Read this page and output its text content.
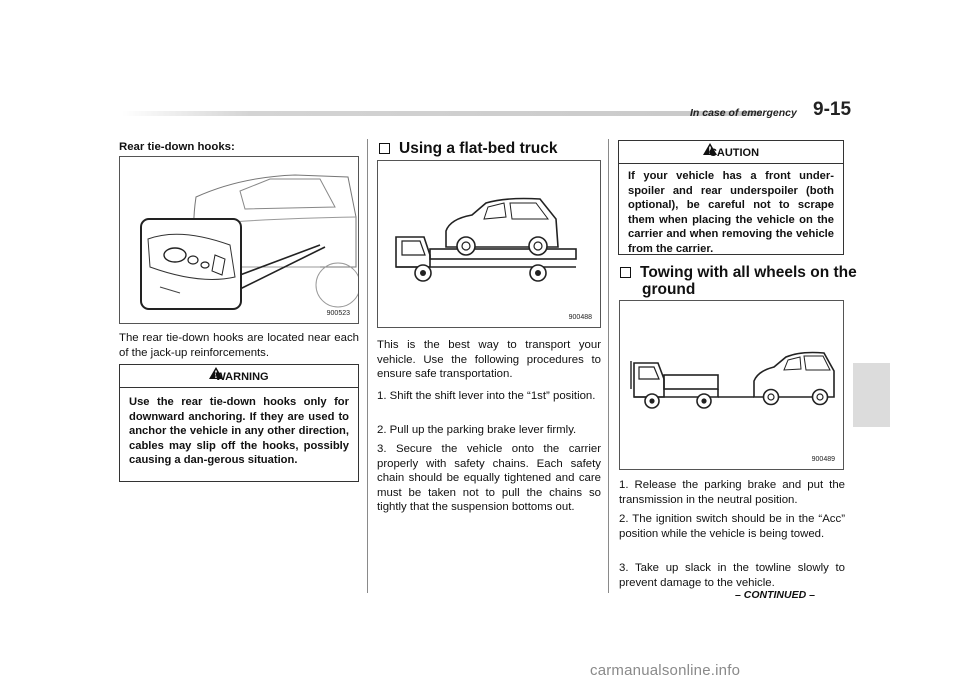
In case of emergency 9-15
Rear tie-down hooks:
900523
The rear tie-down hooks are located near each of the jack-up reinforcements.
WARNING
Use the rear tie-down hooks only for downward anchoring. If they are used to anchor the vehicle in any other direction, cables may slip off the hooks, possibly causing a dan-gerous situation.
Using a flat-bed truck
900488
This is the best way to transport your vehicle. Use the following procedures to ensure safe transportation.
1. Shift the shift lever into the “1st” position.
2. Pull up the parking brake lever firmly.
3. Secure the vehicle onto the carrier properly with safety chains. Each safety chain should be equally tightened and care must be taken not to pull the chains so tightly that the suspension bottoms out.
CAUTION
If your vehicle has a front under-spoiler and rear underspoiler (both optional), be careful not to scrape them when placing the vehicle on the carrier and when removing the vehicle from the carrier.
Towing with all wheels on the
ground
900489
1. Release the parking brake and put the transmission in the neutral position.
2. The ignition switch should be in the “Acc” position while the vehicle is being towed.
3. Take up slack in the towline slowly to prevent damage to the vehicle.
– CONTINUED –
carmanualsonline.info
